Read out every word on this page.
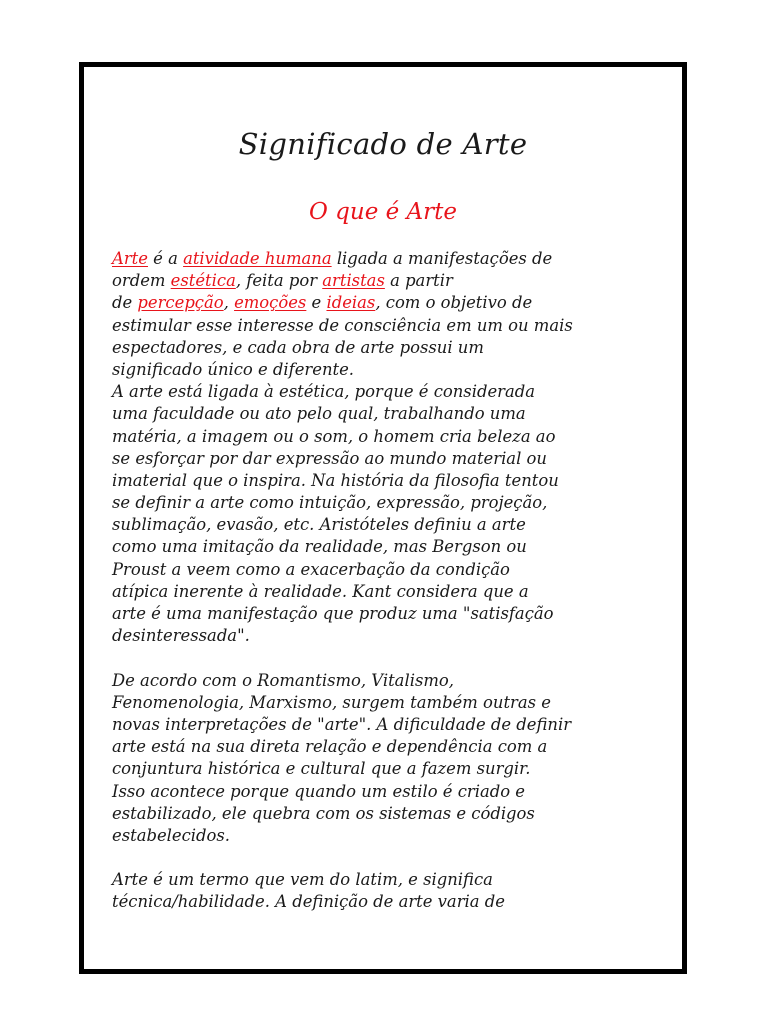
Significado de Arte
O que é Arte
Arte é a atividade humana ligada a manifestações de
ordem estética, feita por artistas a partir
de percepção, emoções e ideias, com o objetivo de
estimular esse interesse de consciência em um ou mais
espectadores, e cada obra de arte possui um
significado único e diferente.
A arte está ligada à estética, porque é considerada
uma faculdade ou ato pelo qual, trabalhando uma
matéria, a imagem ou o som, o homem cria beleza ao
se esforçar por dar expressão ao mundo material ou
imaterial que o inspira. Na história da filosofia tentou
se definir a arte como intuição, expressão, projeção,
sublimação, evasão, etc. Aristóteles definiu a arte
como uma imitação da realidade, mas Bergson ou
Proust a veem como a exacerbação da condição
atípica inerente à realidade. Kant considera que a
arte é uma manifestação que produz uma "satisfação
desinteressada".
De acordo com o Romantismo, Vitalismo,
Fenomenologia, Marxismo, surgem também outras e
novas interpretações de "arte". A dificuldade de definir
arte está na sua direta relação e dependência com a
conjuntura histórica e cultural que a fazem surgir.
Isso acontece porque quando um estilo é criado e
estabilizado, ele quebra com os sistemas e códigos
estabelecidos.
Arte é um termo que vem do latim, e significa
técnica/habilidade. A definição de arte varia de
